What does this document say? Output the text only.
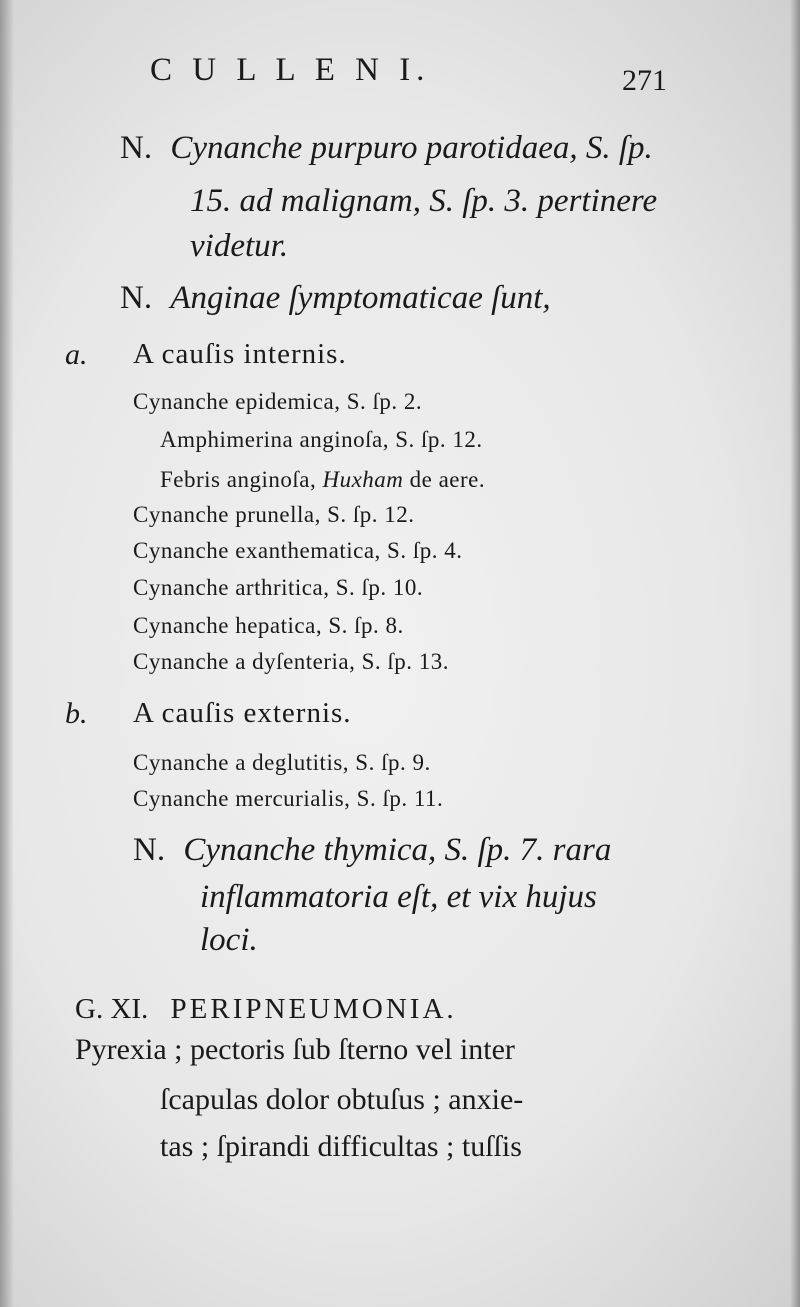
C U L L E N I.	271
N. Cynanche purpuro parotidaea, S. ſp.
15. ad malignam, S. ſp. 3. pertinere
videtur.
N. Anginae ſymptomaticae ſunt,
a. A cauſis internis.
Cynanche epidemica, S. ſp. 2.
Amphimerina anginoſa, S. ſp. 12.
Febris anginoſa, Huxham de aere.
Cynanche prunella, S. ſp. 12.
Cynanche exanthematica, S. ſp. 4.
Cynanche arthritica, S. ſp. 10.
Cynanche hepatica, S. ſp. 8.
Cynanche a dyſenteria, S. ſp. 13.
b. A cauſis externis.
Cynanche a deglutitis, S. ſp. 9.
Cynanche mercurialis, S. ſp. 11.
N. Cynanche thymica, S. ſp. 7. rara
inflammatoria eſt, et vix hujus
loci.
G. XI. PERIPNEUMONIA.
Pyrexia ; pectoris ſub ſterno vel inter
ſcapulas dolor obtuſus ; anxie-
tas ; ſpirandi difficultas ; tuſſis
